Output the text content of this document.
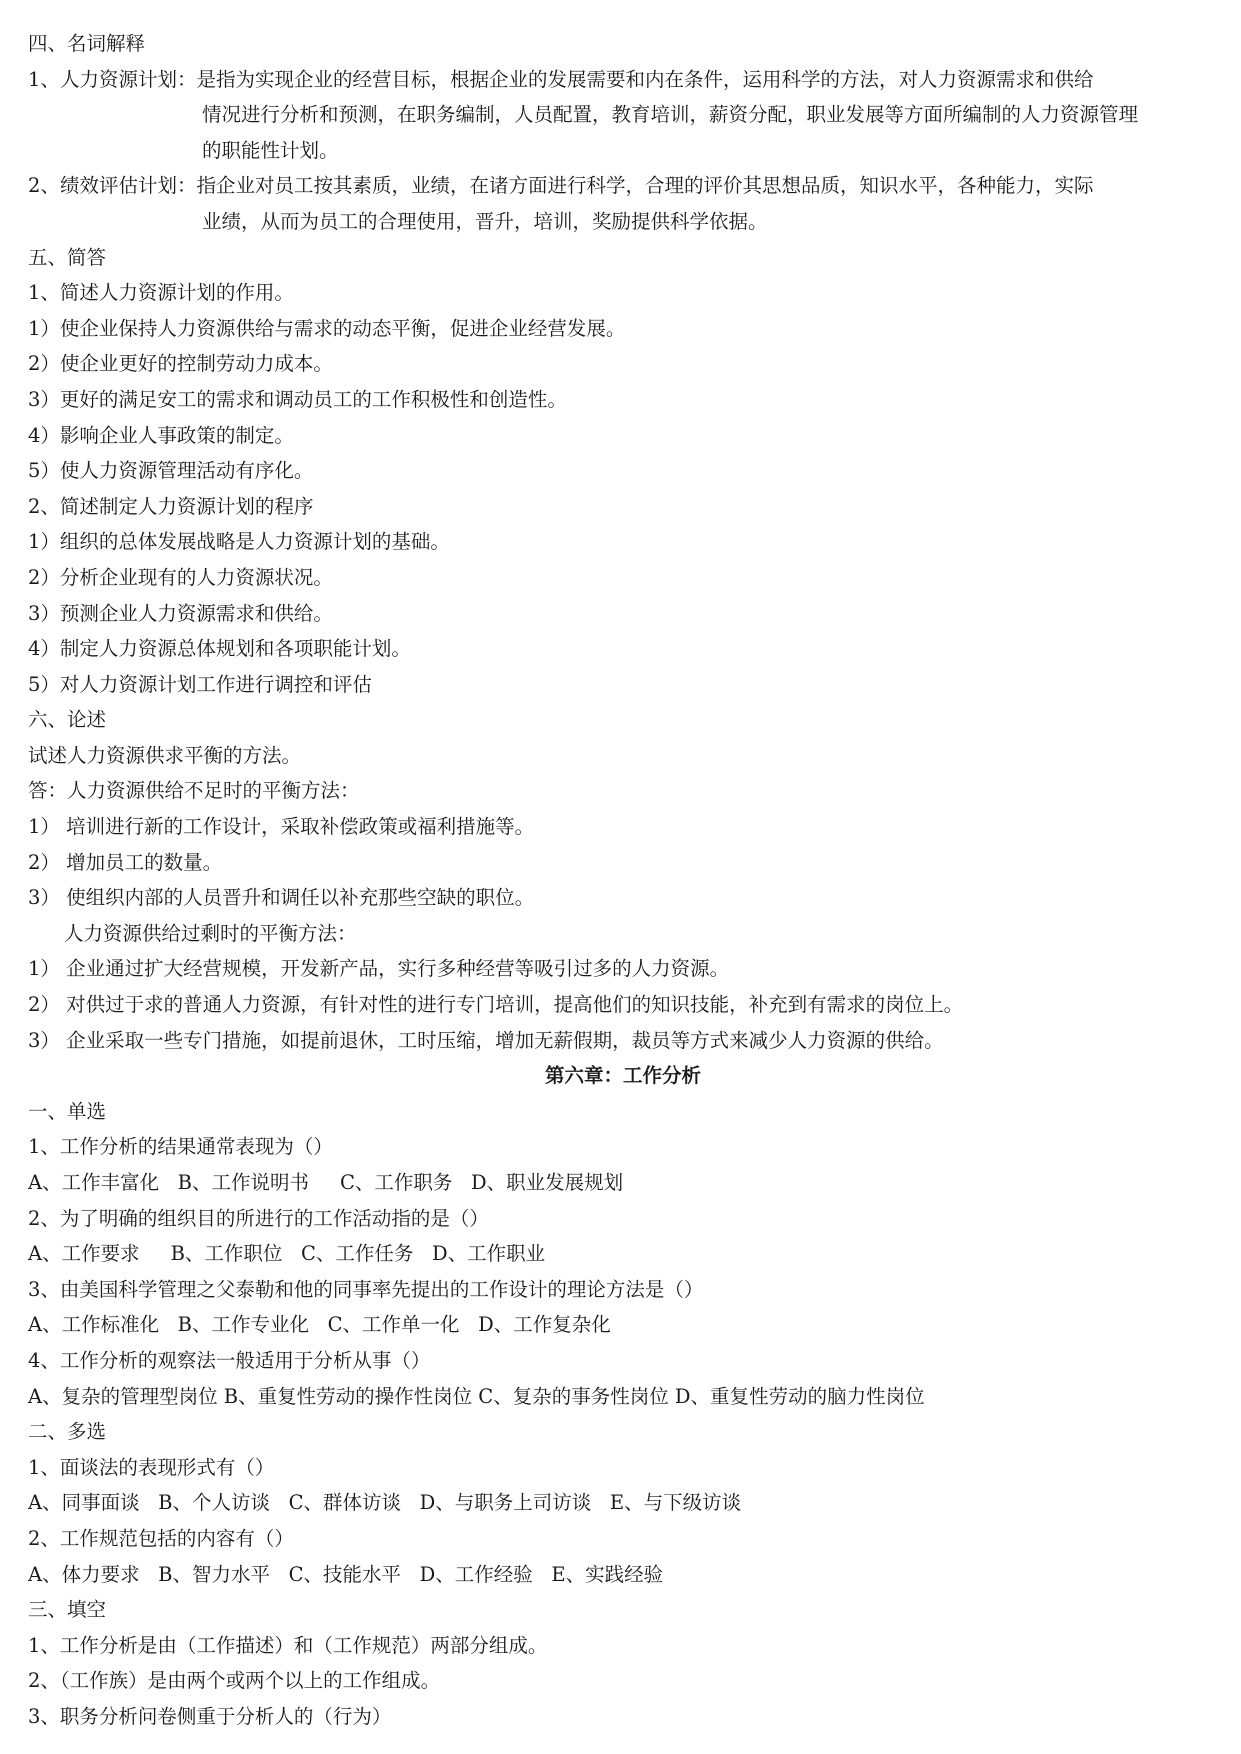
四、名词解释
1、 人力资源计划：是指为实现企业的经营目标，根据企业的发展需要和内在条件，运用科学的方法，对人力资源需求和供给
情况进行分析和预测，在职务编制，人员配置，教育培训，薪资分配，职业发展等方面所编制的人力资源管理
的职能性计划。
2、 绩效评估计划：指企业对员工按其素质，业绩，在诸方面进行科学，合理的评价其思想品质，知识水平，各种能力，实际
业绩，从而为员工的合理使用，晋升，培训，奖励提供科学依据。
五、简答
1、简述人力资源计划的作用。
1）使企业保持人力资源供给与需求的动态平衡，促进企业经营发展。
2）使企业更好的控制劳动力成本。
3）更好的满足安工的需求和调动员工的工作积极性和创造性。
4）影响企业人事政策的制定。
5）使人力资源管理活动有序化。
2、简述制定人力资源计划的程序
1）组织的总体发展战略是人力资源计划的基础。
2）分析企业现有的人力资源状况。
3）预测企业人力资源需求和供给。
4）制定人力资源总体规划和各项职能计划。
5）对人力资源计划工作进行调控和评估
六、论述
试述人力资源供求平衡的方法。
答：人力资源供给不足时的平衡方法：
1） 培训进行新的工作设计，采取补偿政策或福利措施等。
2） 增加员工的数量。
3） 使组织内部的人员晋升和调任以补充那些空缺的职位。
人力资源供给过剩时的平衡方法：
1） 企业通过扩大经营规模，开发新产品，实行多种经营等吸引过多的人力资源。
2） 对供过于求的普通人力资源，有针对性的进行专门培训，提高他们的知识技能，补充到有需求的岗位上。
3） 企业采取一些专门措施，如提前退休，工时压缩，增加无薪假期，裁员等方式来减少人力资源的供给。
第六章：工作分析
一、单选
1、工作分析的结果通常表现为（）
A、工作丰富化   B、工作说明书     C、工作职务   D、职业发展规划
2、为了明确的组织目的所进行的工作活动指的是（）
A、工作要求     B、工作职位   C、工作任务   D、工作职业
3、由美国科学管理之父泰勒和他的同事率先提出的工作设计的理论方法是（）
A、工作标准化   B、工作专业化   C、工作单一化   D、工作复杂化
4、工作分析的观察法一般适用于分析从事（）
A、复杂的管理型岗位 B、重复性劳动的操作性岗位 C、复杂的事务性岗位 D、重复性劳动的脑力性岗位
二、多选
1、面谈法的表现形式有（）
A、同事面谈   B、个人访谈   C、群体访谈   D、与职务上司访谈   E、与下级访谈
2、工作规范包括的内容有（）
A、体力要求   B、智力水平   C、技能水平   D、工作经验   E、实践经验
三、填空
1、工作分析是由（工作描述）和（工作规范）两部分组成。
2、（工作族）是由两个或两个以上的工作组成。
3、职务分析问卷侧重于分析人的（行为）
